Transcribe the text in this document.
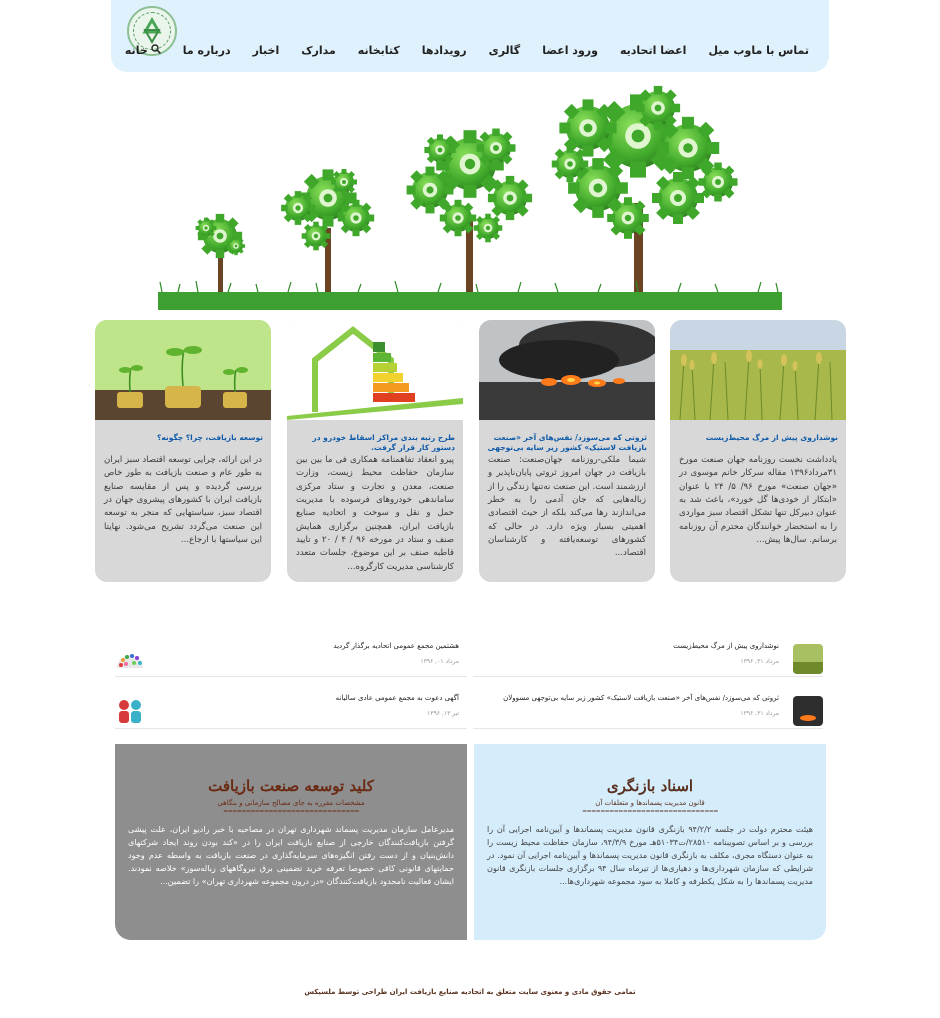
خانه	درباره ما اخبار مدارک کتابخانه رویدادها گالری ورود اعضا اعضا اتحادیه وب میل تماس با ما
نوشداروی پیش از مرگ محیط‌زیست
یادداشت نخست روزنامه جهان صنعت مورخ ۳۱مرداد۱۳۹۶ مقاله سرکار خانم موسوی در «جهان صنعت» مورخ ۹۶/ ۵/ ۲۴ با عنوان «ابتکار از خودی‌ها گل خورد»، باعث شد به عنوان دبیرکل تنها تشکل اقتصاد سبز مواردی را به استحضار خوانندگان محترم آن روزنامه برسانم. سال‌ها پیش...
ثروتی که می‌سوزد/ نفس‌های آخر «صنعت بازیافت لاستیک» کشور زیر سایه بی‌توجهی
شیما ملکی-روزنامه جهان‌صنعت: صنعت بازیافت در جهان امروز ثروتی پایان‌ناپذیر و ارزشمند است. این صنعت نه‌تنها زندگی را از زباله‌هایی که جان آدمی را به خطر می‌اندازند رها می‌کند بلکه از حیث اقتصادی اهمیتی بسیار ویژه دارد. در حالی که کشورهای توسعه‌یافته و کارشناسان اقتصاد...
طرح رتبه بندی مراکز اسقاط خودرو در دستور کار قرار گرفت.
پیرو انعقاد تفاهمنامه همکاری فی ما بین بین سازمان حفاظت محیط زیست، وزارت صنعت، معدن و تجارت و ستاد مرکزی ساماندهی خودروهای فرسوده با مدیریت حمل و نقل و سوخت و اتحادیه صنایع بازیافت ایران، همچنین برگزاری همایش صنف و ستاد در مورخه ۹۶ / ۴ / ۲۰ و تایید قاطبه صنف بر این موضوع، جلسات متعدد کارشناسی مدیریت کارگروه...
توسعه بازیافت، چرا؟ چگونه؟
در این ارائه، چرایی توسعه اقتصاد سبز ایران به طور عام و صنعت بازیافت به طور خاص بررسی گردیده و پس از مقایسه صنایع بازیافت ایران با کشورهای پیشروی جهان در اقتصاد سبز، سیاستهایی که منجر به توسعه این صنعت می‌گردد تشریح می‌شود. نهایتا این سیاستها با ارجاع...
نوشداروی پیش از مرگ محیط‌زیست
مرداد ۳۱, ۱۳۹۶
هشتمین مجمع عمومی اتحادیه برگذار گردید
مرداد ۰۱, ۱۳۹۶
ثروتی که می‌سوزد/ نفس‌های آخر «صنعت بازیافت لاستیک» کشور زیر سایه بی‌توجهی مسوولان
مرداد ۳۱, ۱۳۹۶
آگهی دعوت به مجمع عمومی عادی سالیانه
تیر ۱۳, ۱۳۹۶
اسناد بازنگری
قانون مدیریت پسماندها و متعلقات آن
==============================
هیئت محترم دولت در جلسه ۹۴/۲/۲ بازنگری قانون مدیریت پسماندها و آیین‌نامه اجرایی آن را بررسی و بر اساس تصویبنامه ۲۸۵۱۰/ت۵۱۰۳۴هـ مورخ ۹۴/۳/۹، سازمان حفاظت محیط زیست را به عنوان دستگاه مجری، مکلف به بازنگری قانون مدیریت پسماندها و آیین‌نامه اجرایی آن نمود. در شرایطی که سازمان شهرداری‌ها و دهیاری‌ها از تیرماه سال ۹۴ برگزاری جلسات بازنگری قانون مدیریت پسماندها را به شکل یکطرفه و کاملا به سود مجموعه شهرداری‌ها...
کلید توسعه صنعت بازیافت
مشخصات مقرره به جای مصالح سازمانی و بنگاهی
==============================
مدیرعامل سازمان مدیریت پسماند شهرداری تهران در مصاحبه با خبر رادیو ایران، علت پیشی گرفتن بازیافت‌کنندگان خارجی از صنایع بازیافت ایران را در «کند بودن روند ایجاد شرکتهای دانش‌بنیان و از دست رفتن انگیزه‌های سرمایه‌گذاری در صنعت بازیافت به واسطه عدم وجود حمایتهای قانونی کافی خصوصا تعرفه خرید تضمینی برق نیروگاههای زباله‌سوز» خلاصه نمودند. ایشان فعالیت نامحدود بازیافت‌کنندگان «در درون مجموعه شهرداری تهران» را تضمین...
تمامی حقوق مادی و معنوی سایت متعلق به اتحادیه صنایع بازیافت ایران طراحی توسط ملسیکس
